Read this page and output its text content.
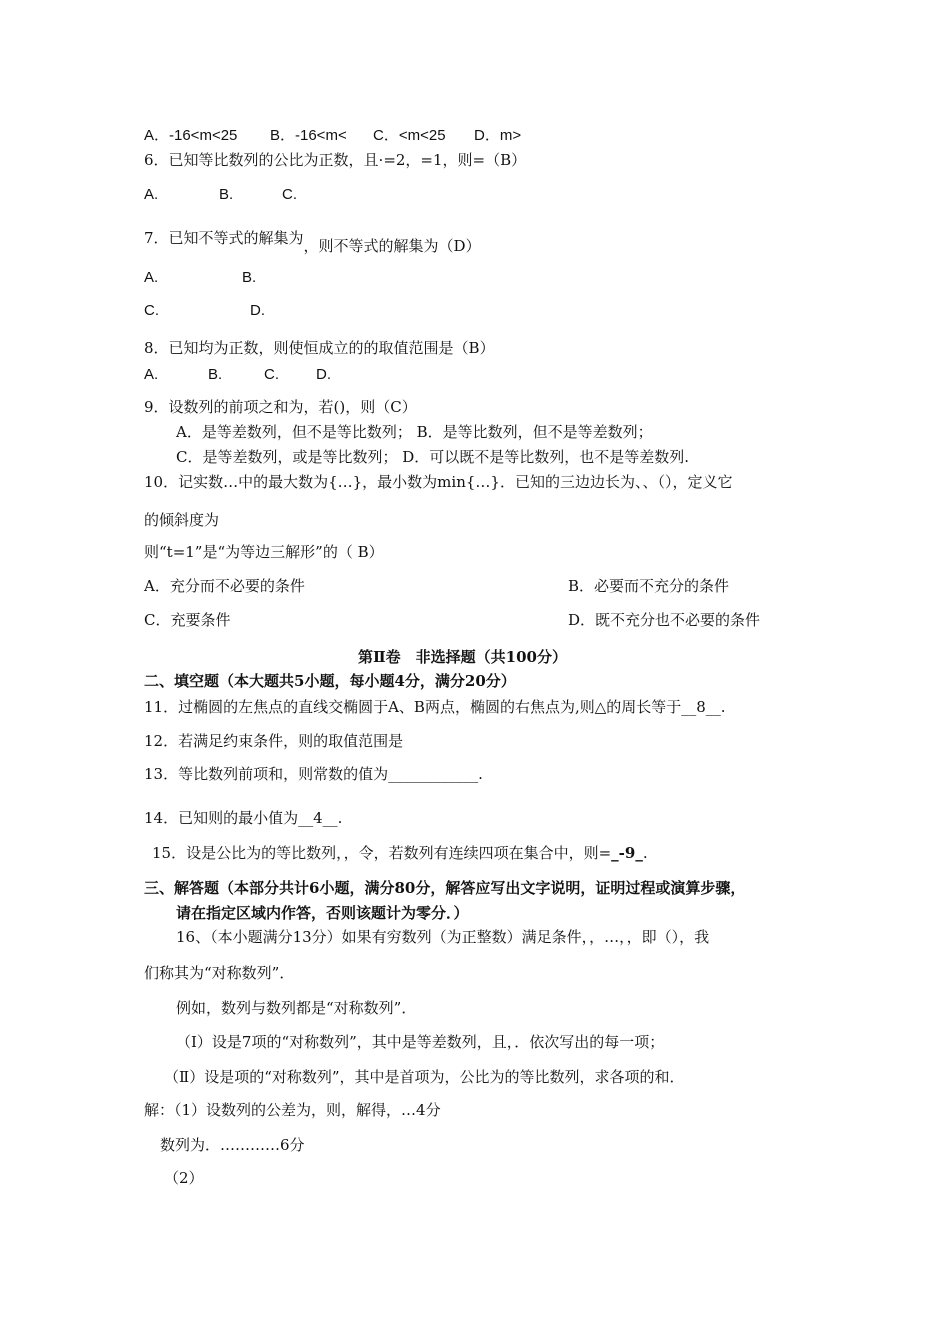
A．-16<m<25 B．-16<m< C．<m<25 D．m>
6．已知等比数列的公比为正数，且·=2，=1，则=（B）
A.	B.	C.
7．已知不等式的解集为，则不等式的解集为（D）
A.	B.
C.	D.
8．已知均为正数，则使恒成立的的取值范围是（B）
A.	B.	C. D.
9．设数列的前项之和为，若()，则（C）
A．是等差数列，但不是等比数列； B．是等比数列，但不是等差数列；
C．是等差数列，或是等比数列； D．可以既不是等比数列，也不是等差数列.
10．记实数…中的最大数为{…}，最小数为min{…}．已知的三边边长为、、（），定义它
的倾斜度为
则“t=1”是“为等边三解形”的（ B）
A．充分而不必要的条件	B．必要而不充分的条件
C．充要条件	D．既不充分也不必要的条件
第Ⅱ卷　非选择题（共100分）
二、填空题（本大题共5小题，每小题4分，满分20分）
11．过椭圆的左焦点的直线交椭圆于A、B两点，椭圆的右焦点为,则△的周长等于__8__.
12．若满足约束条件，则的取值范围是
13．等比数列前项和，则常数的值为____________.
14．已知则的最小值为__4__.
15．设是公比为的等比数列，，令，若数列有连续四项在集合中，则=_-9_.
三、解答题（本部分共计6小题，满分80分，解答应写出文字说明，证明过程或演算步骤，
请在指定区域内作答，否则该题计为零分．）
16、（本小题满分13分）如果有穷数列（为正整数）满足条件，，…，，即（），我
们称其为“对称数列”．
例如，数列与数列都是“对称数列”．
（Ⅰ）设是7项的“对称数列”，其中是等差数列，且，．依次写出的每一项；
（Ⅱ）设是项的“对称数列”，其中是首项为，公比为的等比数列，求各项的和．
解：（1）设数列的公差为，则，解得，…4分
数列为．…………6分
（2）
